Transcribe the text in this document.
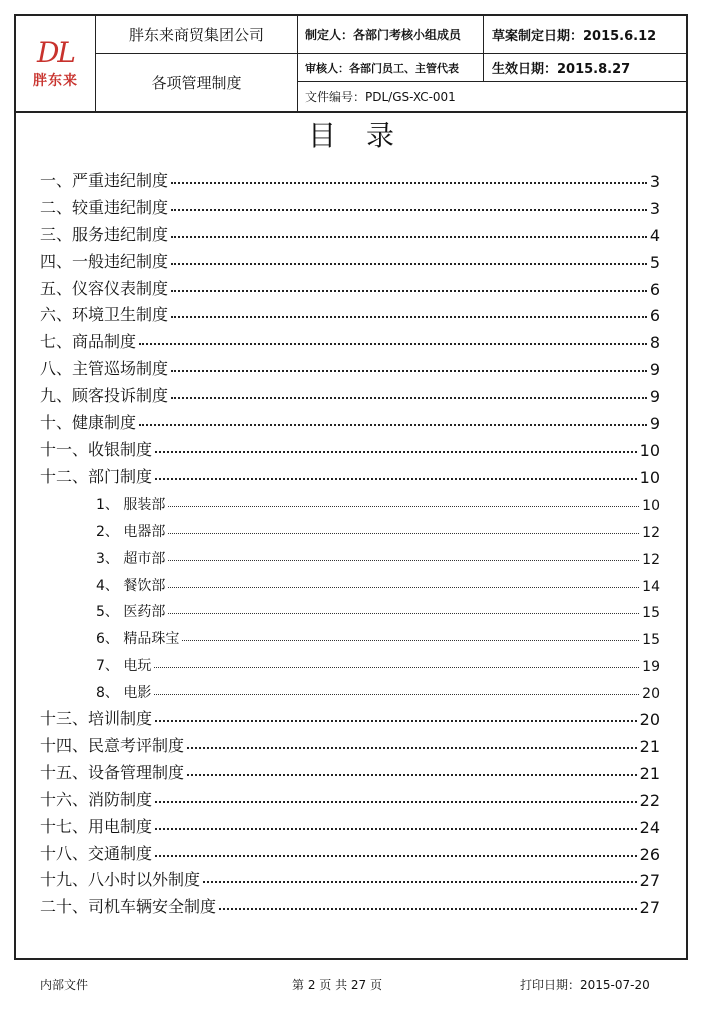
DL
胖东来
胖东来商贸集团公司
各项管理制度
制定人：各部门考核小组成员
审核人：各部门员工、主管代表
文件编号：PDL/GS-XC-001
草案制定日期：2015.6.12
生效日期：2015.8.27
目录
一、严重违纪制度	3
二、较重违纪制度	3
三、服务违纪制度	4
四、一般违纪制度	5
五、仪容仪表制度	6
六、环境卫生制度	6
七、商品制度	8
八、主管巡场制度	9
九、顾客投诉制度	9
十、健康制度	9
十一、收银制度	10
十二、部门制度	10
1、 服装部	10
2、 电器部	12
3、 超市部	12
4、 餐饮部	14
5、 医药部	15
6、 精品珠宝	15
7、 电玩	19
8、 电影	20
十三、培训制度	20
十四、民意考评制度	21
十五、设备管理制度	21
十六、消防制度	22
十七、用电制度	24
十八、交通制度	26
十九、八小时以外制度	27
二十、司机车辆安全制度	27
内部文件	第 2 页 共 27 页	打印日期：2015-07-20
